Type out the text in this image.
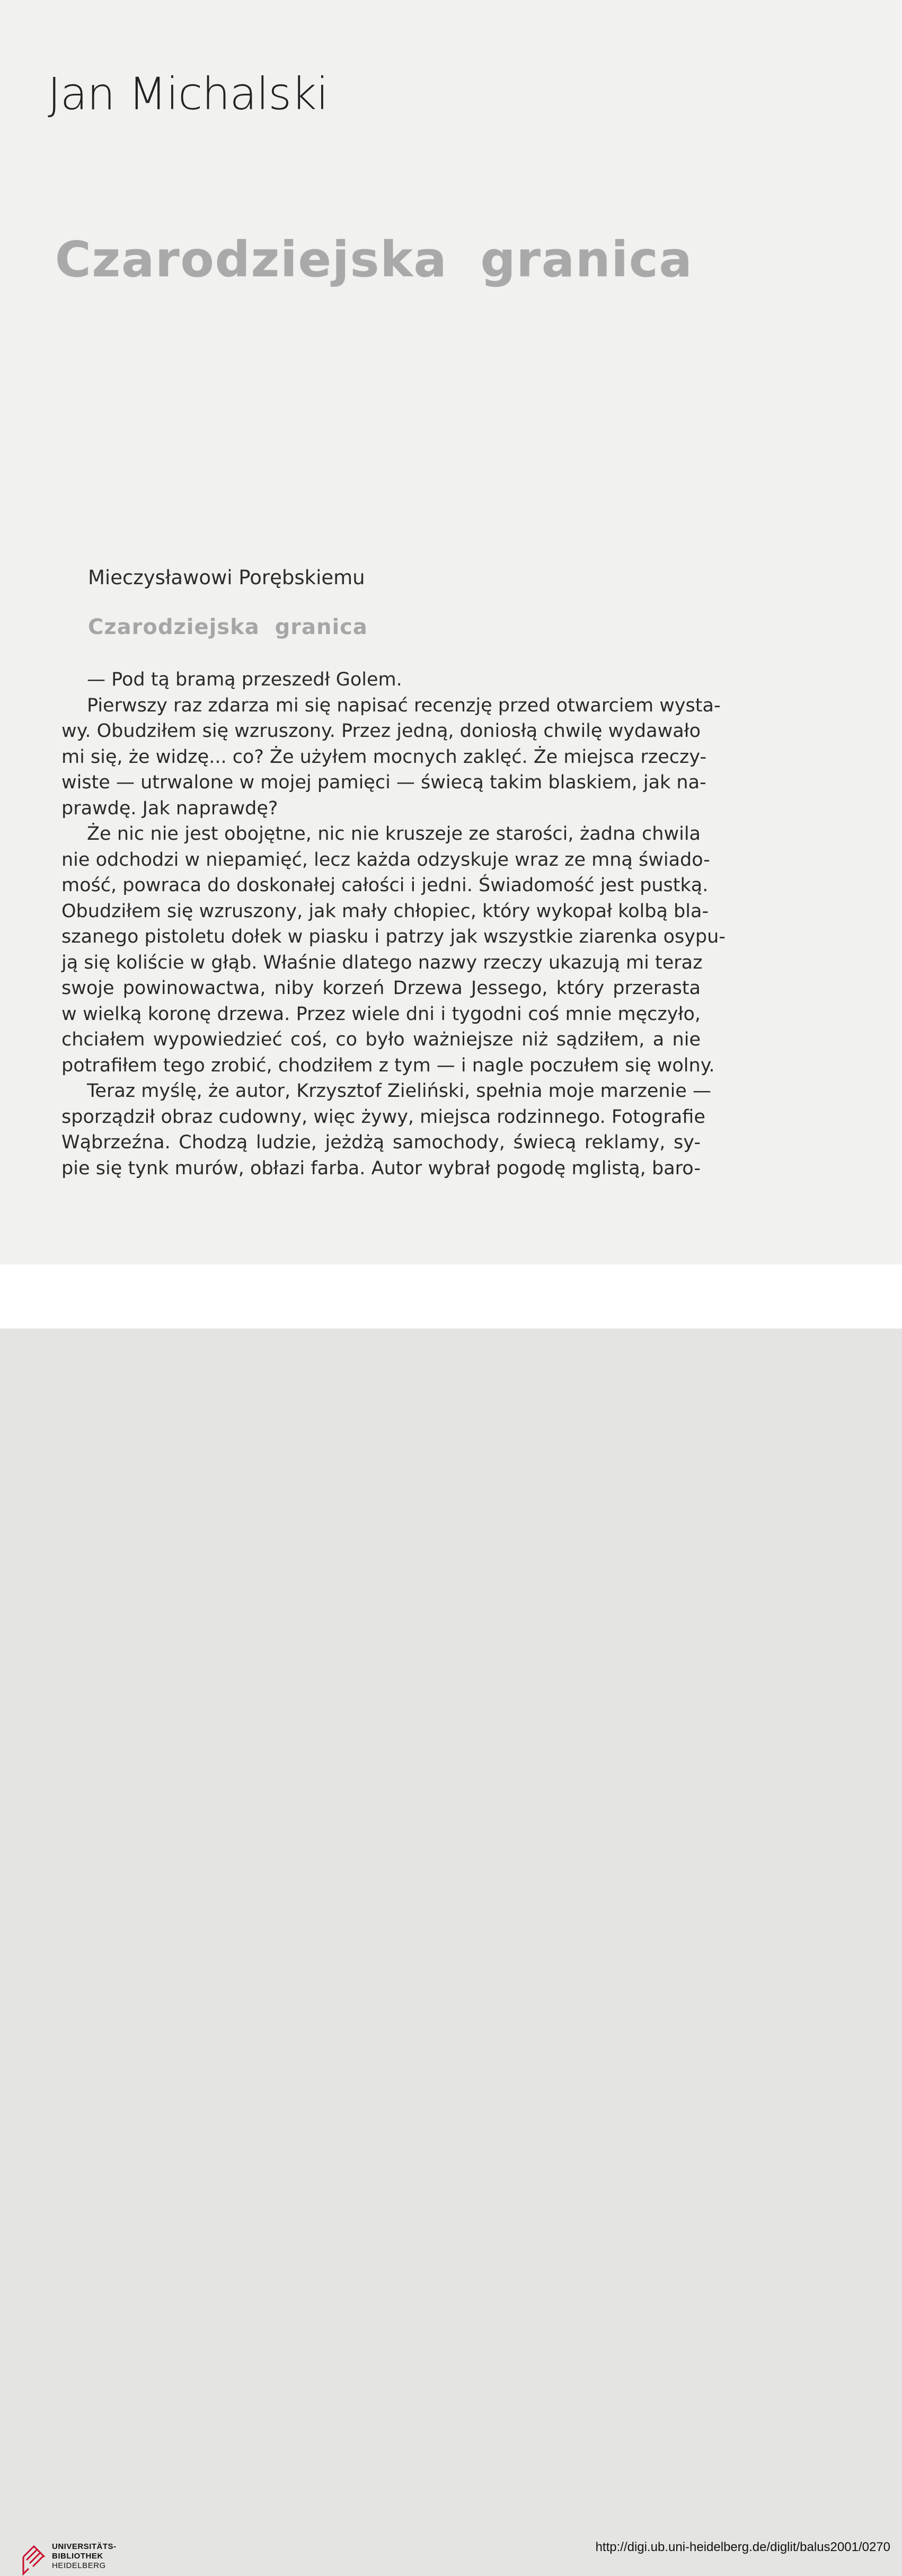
Jan Michalski
Czarodziejska granica
Mieczysławowi Porębskiemu
Czarodziejska granica
— Pod tą bramą przeszedł Golem.
Pierwszy raz zdarza mi się napisać recenzję przed otwarciem wysta-
wy. Obudziłem się wzruszony. Przez jedną, doniosłą chwilę wydawało
mi się, że widzę... co? Że użyłem mocnych zaklęć. Że miejsca rzeczy-
wiste — utrwalone w mojej pamięci — świecą takim blaskiem, jak na-
prawdę. Jak naprawdę?
Że nic nie jest obojętne, nic nie kruszeje ze starości, żadna chwila
nie odchodzi w niepamięć, lecz każda odzyskuje wraz ze mną świado-
mość, powraca do doskonałej całości i jedni. Świadomość jest pustką.
Obudziłem się wzruszony, jak mały chłopiec, który wykopał kolbą bla-
szanego pistoletu dołek w piasku i patrzy jak wszystkie ziarenka osypu-
ją się koliście w głąb. Właśnie dlatego nazwy rzeczy ukazują mi teraz
swoje powinowactwa, niby korzeń Drzewa Jessego, który przerasta
w wielką koronę drzewa. Przez wiele dni i tygodni coś mnie męczyło,
chciałem wypowiedzieć coś, co było ważniejsze niż sądziłem, a nie
potrafiłem tego zrobić, chodziłem z tym — i nagle poczułem się wolny.
Teraz myślę, że autor, Krzysztof Zieliński, spełnia moje marzenie —
sporządził obraz cudowny, więc żywy, miejsca rodzinnego. Fotografie
Wąbrzeźna. Chodzą ludzie, jeżdżą samochody, świecą reklamy, sy-
pie się tynk murów, obłazi farba. Autor wybrał pogodę mglistą, baro-
UNIVERSITÄTS-
BIBLIOTHEK
HEIDELBERG
http://digi.ub.uni-heidelberg.de/diglit/balus2001/0270
